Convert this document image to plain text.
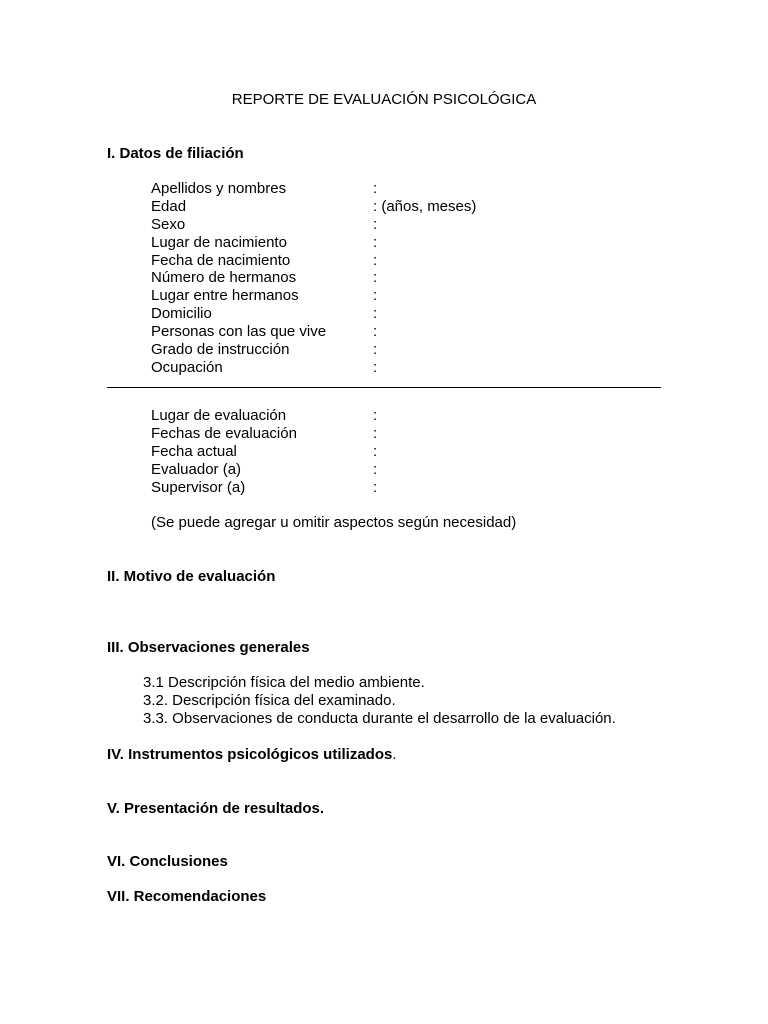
REPORTE DE EVALUACIÓN PSICOLÓGICA
I. Datos de filiación
Apellidos y nombres	:
Edad	: (años, meses)
Sexo	:
Lugar de nacimiento	:
Fecha de nacimiento	:
Número de hermanos	:
Lugar entre hermanos	:
Domicilio	:
Personas con las que vive	:
Grado de instrucción	:
Ocupación	:
Lugar de evaluación	:
Fechas de evaluación	:
Fecha actual	:
Evaluador (a)	:
Supervisor (a)	:
(Se puede agregar u omitir aspectos según necesidad)
II. Motivo de evaluación
III. Observaciones generales
3.1 Descripción física del medio ambiente.
3.2. Descripción física del examinado.
3.3. Observaciones de conducta durante el desarrollo de la evaluación.
IV. Instrumentos psicológicos utilizados.
V. Presentación de resultados.
VI. Conclusiones
VII. Recomendaciones
